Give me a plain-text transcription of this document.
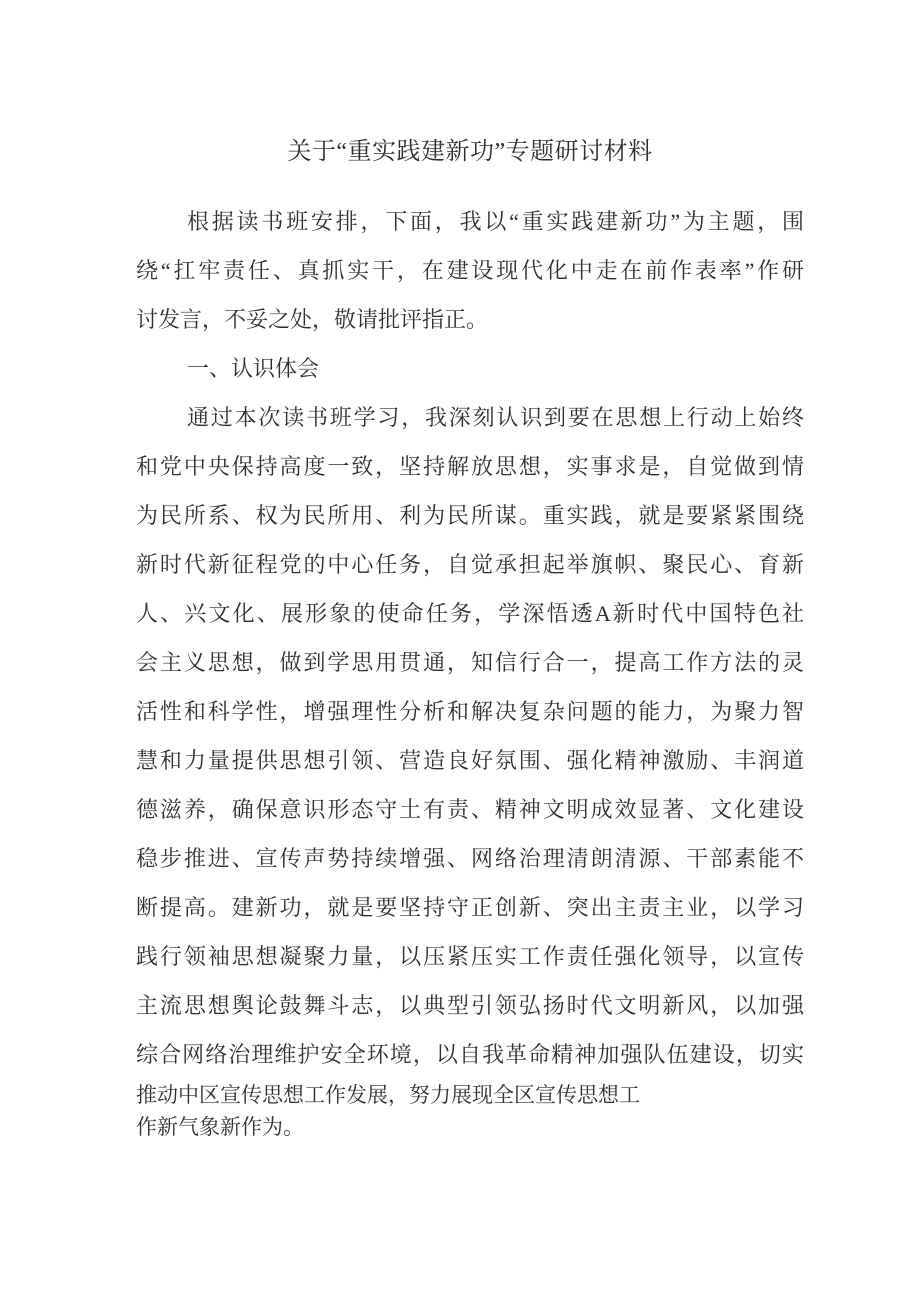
关于“重实践建新功”专题研讨材料
根据读书班安排，下面，我以“重实践建新功”为主题，围
绕“扛牢责任、真抓实干，在建设现代化中走在前作表率”作研
讨发言，不妥之处，敬请批评指正。
一、认识体会
通过本次读书班学习，我深刻认识到要在思想上行动上始终
和党中央保持高度一致，坚持解放思想，实事求是，自觉做到情
为民所系、权为民所用、利为民所谋。重实践，就是要紧紧围绕
新时代新征程党的中心任务，自觉承担起举旗帜、聚民心、育新
人、兴文化、展形象的使命任务，学深悟透A新时代中国特色社
会主义思想，做到学思用贯通，知信行合一，提高工作方法的灵
活性和科学性，增强理性分析和解决复杂问题的能力，为聚力智
慧和力量提供思想引领、营造良好氛围、强化精神激励、丰润道
德滋养，确保意识形态守土有责、精神文明成效显著、文化建设
稳步推进、宣传声势持续增强、网络治理清朗清源、干部素能不
断提高。建新功，就是要坚持守正创新、突出主责主业，以学习
践行领袖思想凝聚力量，以压紧压实工作责任强化领导，以宣传
主流思想舆论鼓舞斗志，以典型引领弘扬时代文明新风，以加强
综合网络治理维护安全环境，以自我革命精神加强队伍建设，切实
推动中区宣传思想工作发展，努力展现全区宣传思想工
作新气象新作为。
